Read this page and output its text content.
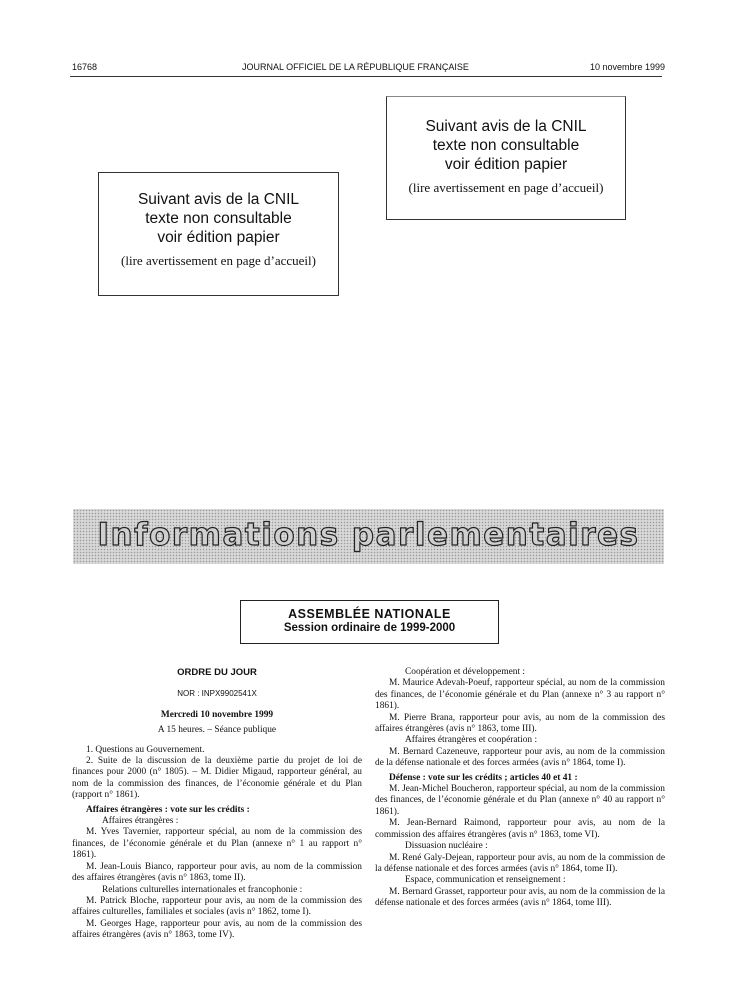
16768	JOURNAL OFFICIEL DE LA RÉPUBLIQUE FRANÇAISE	10 novembre 1999
Suivant avis de la CNIL
texte non consultable
voir édition papier
(lire avertissement en page d’accueil)
Suivant avis de la CNIL
texte non consultable
voir édition papier
(lire avertissement en page d’accueil)
Informations parlementaires
ASSEMBLÉE NATIONALE
Session ordinaire de 1999-2000

ORDRE DU JOUR

NOR : INPX9902541X

Mercredi 10 novembre 1999

A 15 heures. – Séance publique

1. Questions au Gouvernement.

2. Suite de la discussion de la deuxième partie du projet de loi de finances pour 2000 (n° 1805). – M. Didier Migaud, rapporteur général, au nom de la commission des finances, de l’économie générale et du Plan (rapport n° 1861).

Affaires étrangères : vote sur les crédits :

Affaires étrangères :

M. Yves Tavernier, rapporteur spécial, au nom de la commission des finances, de l’économie générale et du Plan (annexe n° 1 au rapport n° 1861).

M. Jean-Louis Bianco, rapporteur pour avis, au nom de la commission des affaires étrangères (avis n° 1863, tome II).

Relations culturelles internationales et francophonie :

M. Patrick Bloche, rapporteur pour avis, au nom de la commission des affaires culturelles, familiales et sociales (avis n° 1862, tome I).

M. Georges Hage, rapporteur pour avis, au nom de la commission des affaires étrangères (avis n° 1863, tome IV).

Coopération et développement :

M. Maurice Adevah-Poeuf, rapporteur spécial, au nom de la commission des finances, de l’économie générale et du Plan (annexe n° 3 au rapport n° 1861).

M. Pierre Brana, rapporteur pour avis, au nom de la commission des affaires étrangères (avis n° 1863, tome III).

Affaires étrangères et coopération :

M. Bernard Cazeneuve, rapporteur pour avis, au nom de la commission de la défense nationale et des forces armées (avis n° 1864, tome I).

Défense : vote sur les crédits ; articles 40 et 41 :

M. Jean-Michel Boucheron, rapporteur spécial, au nom de la commission des finances, de l’économie générale et du Plan (annexe n° 40 au rapport n° 1861).

M. Jean-Bernard Raimond, rapporteur pour avis, au nom de la commission des affaires étrangères (avis n° 1863, tome VI).

Dissuasion nucléaire :

M. René Galy-Dejean, rapporteur pour avis, au nom de la commission de la défense nationale et des forces armées (avis n° 1864, tome II).

Espace, communication et renseignement :

M. Bernard Grasset, rapporteur pour avis, au nom de la commission de la défense nationale et des forces armées (avis n° 1864, tome III).
